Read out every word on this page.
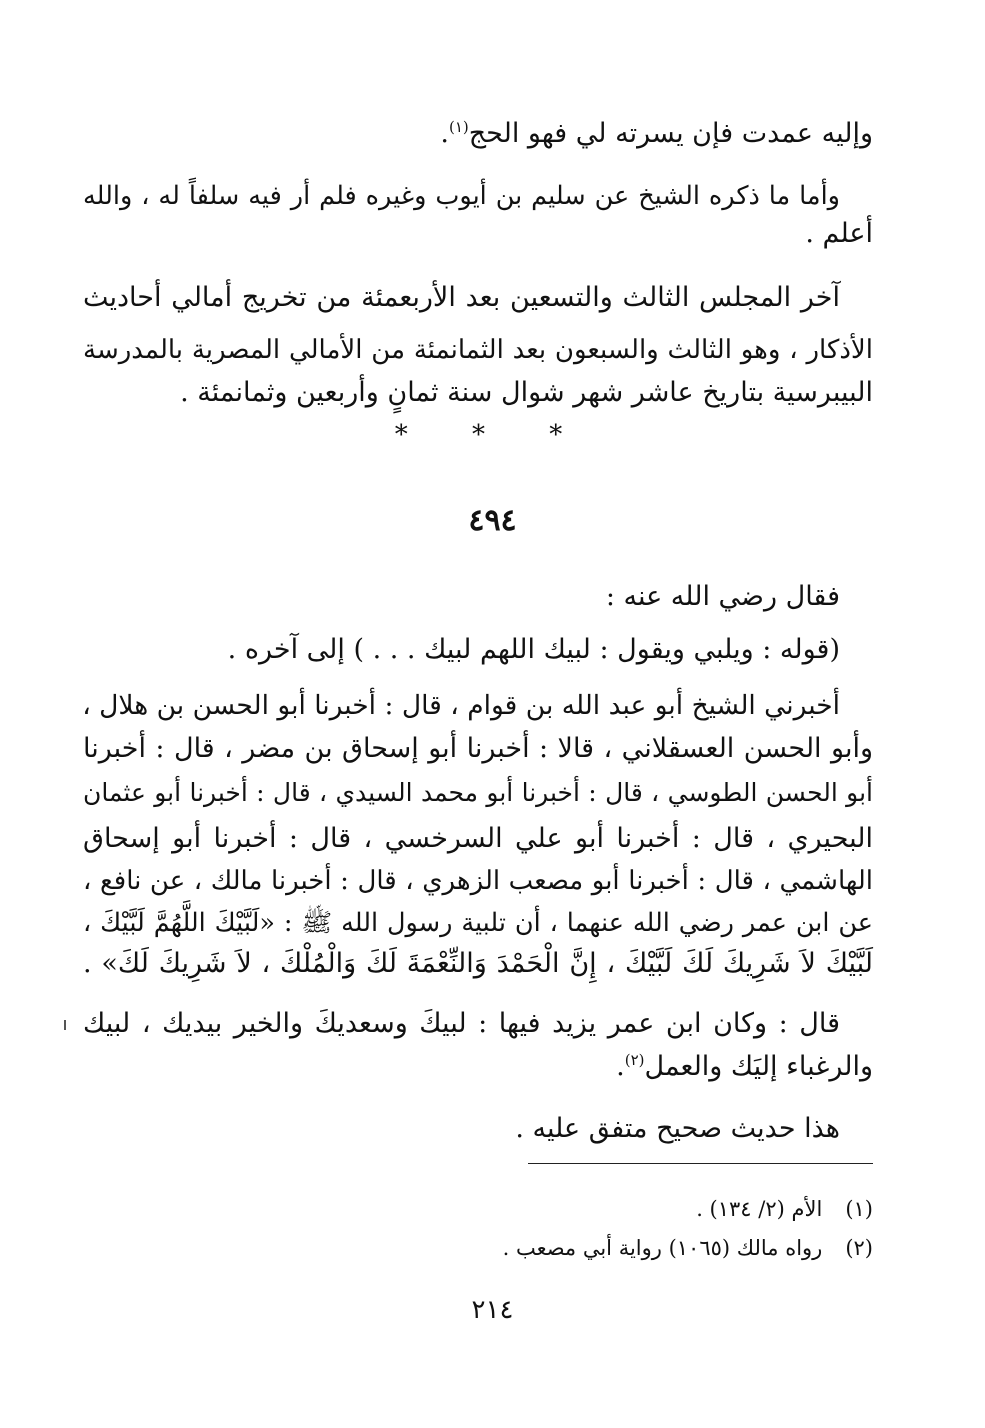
وإليه عمدت فإن يسرته لي فهو الحج$^{(١)}$.
وأما ما ذكره الشيخ عن سليم بن أيوب وغيره فلم أر فيه سلفاً له ، والله
أعلم .
آخر المجلس الثالث والتسعين بعد الأربعمئة من تخريج أمالي أحاديث
الأذكار ، وهو الثالث والسبعون بعد الثمانمئة من الأمالي المصرية بالمدرسة
البيبرسية بتاريخ عاشر شهر شوال سنة ثمانٍ وأربعين وثمانمئة .
* * *
٤٩٤
فقال رضي الله عنه :
(قوله : ويلبي ويقول : لبيك اللهم لبيك . . . ) إلى آخره .
أخبرني الشيخ أبو عبد الله بن قوام ، قال : أخبرنا أبو الحسن بن هلال ،
وأبو الحسن العسقلاني ، قالا : أخبرنا أبو إسحاق بن مضر ، قال : أخبرنا
أبو الحسن الطوسي ، قال : أخبرنا أبو محمد السيدي ، قال : أخبرنا أبو عثمان
البحيري ، قال : أخبرنا أبو علي السرخسي ، قال : أخبرنا أبو إسحاق
الهاشمي ، قال : أخبرنا أبو مصعب الزهري ، قال : أخبرنا مالك ، عن نافع ،
عن ابن عمر رضي الله عنهما ، أن تلبية رسول الله ﷺ : «لَبَّيْكَ اللَّهُمَّ لَبَّيْكَ ،
لَبَّيْكَ لاَ شَرِيكَ لَكَ لَبَّيْكَ ، إِنَّ الْحَمْدَ وَالنِّعْمَةَ لَكَ وَالْمُلْكَ ، لاَ شَرِيكَ لَكَ» .
قال : وكان ابن عمر يزيد فيها : لبيكَ وسعديكَ والخير بيديك ، لبيك
والرغباء إليَك والعمل$^{(٢)}$.
هذا حديث صحيح متفق عليه .
(١) الأم (٢/ ١٣٤) .
(٢) رواه مالك (١٠٦٥) رواية أبي مصعب .
٢١٤
